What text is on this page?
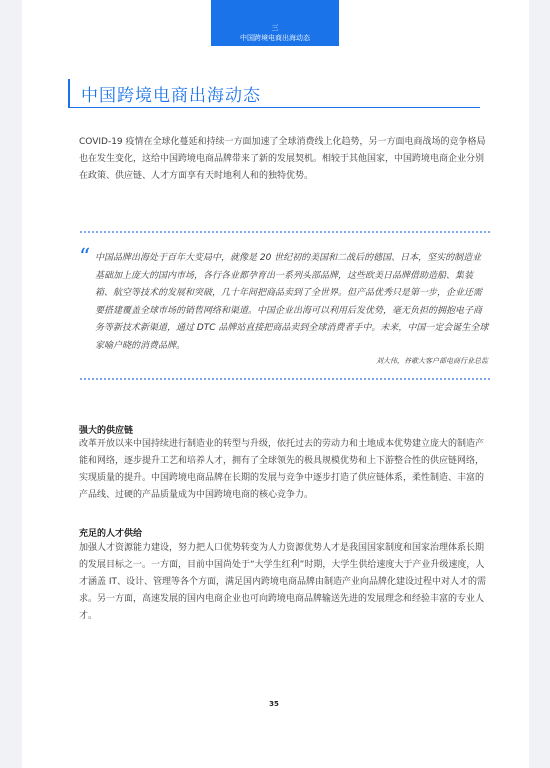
三
中国跨境电商出海动态
中国跨境电商出海动态

COVID-19 疫情在全球化蔓延和持续一方面加速了全球消费线上化趋势，另一方面电商战场的竞争格局也在发生变化，这给中国跨境电商品牌带来了新的发展契机。相较于其他国家，中国跨境电商企业分别在政策、供应链、人才方面享有天时地利人和的独特优势。

“ 中国品牌出海处于百年大变局中，就像是 20 世纪初的美国和二战后的德国、日本，坚实的制造业基础加上庞大的国内市场，各行各业都孕育出一系列头部品牌，这些欧美日品牌借助造船、集装箱、航空等技术的发展和突破，几十年间把商品卖到了全世界。但产品优秀只是第一步，企业还需要搭建覆盖全球市场的销售网络和渠道。中国企业出海可以利用后发优势，毫无负担的拥抱电子商务等新技术新渠道，通过 DTC 品牌站直接把商品卖到全球消费者手中。未来，中国一定会诞生全球家喻户晓的消费品牌。

刘大伟，谷歌大客户部电商行业总监
强大的供应链

改革开放以来中国持续进行制造业的转型与升级，依托过去的劳动力和土地成本优势建立庞大的制造产能和网络，逐步提升工艺和培养人才，拥有了全球领先的极具规模优势和上下游整合性的供应链网络，实现质量的提升。中国跨境电商品牌在长期的发展与竞争中逐步打造了供应链体系，柔性制造、丰富的产品线、过硬的产品质量成为中国跨境电商的核心竞争力。

充足的人才供给

加强人才资源能力建设，努力把人口优势转变为人力资源优势人才是我国国家制度和国家治理体系长期的发展目标之一。一方面，目前中国尚处于“大学生红利”时期，大学生供给速度大于产业升级速度，人才涵盖 IT、设计、管理等各个方面，满足国内跨境电商品牌由制造产业向品牌化建设过程中对人才的需求。另一方面，高速发展的国内电商企业也可向跨境电商品牌输送先进的发展理念和经验丰富的专业人才。

35
